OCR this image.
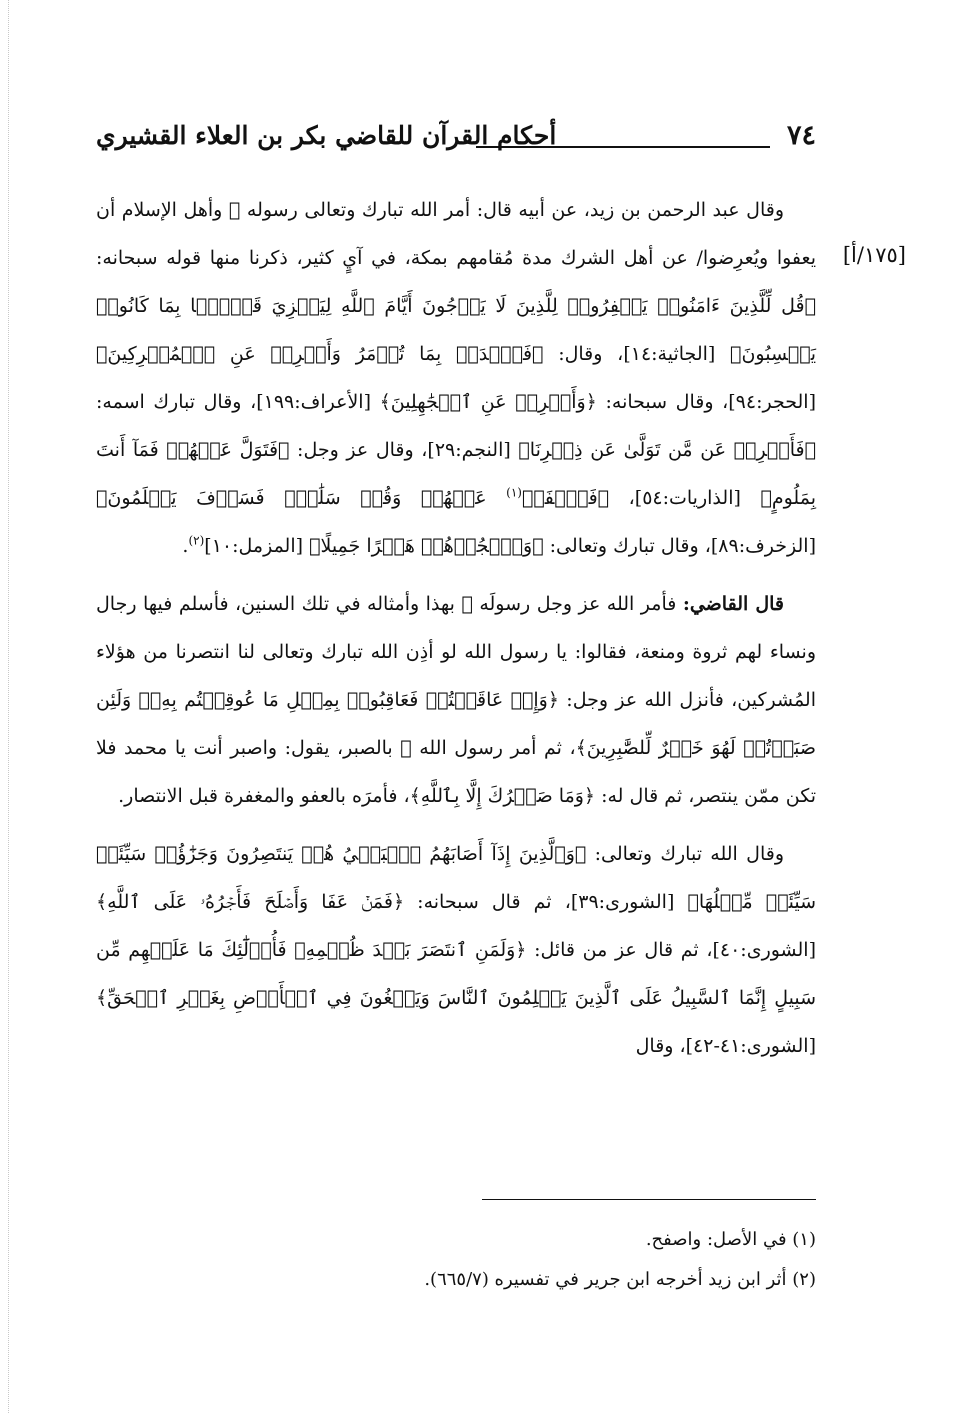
٧٤
أحكام القرآن للقاضي بكر بن العلاء القشيري
[١٧٥/أ]

وقال عبد الرحمن بن زيد، عن أبيه قال: أمر الله تبارك وتعالى رسوله ﷺ وأهل الإسلام أن يعفوا ويُعرِضوا/ عن أهل الشرك مدة مُقامهم بمكة، في آيٍ كثير، ذكرنا منها قوله سبحانه: ﴿قُل لِّلَّذِينَ ءَامَنُوا۟ يَغۡفِرُوا۟ لِلَّذِينَ لَا يَرۡجُونَ أَيَّامَ ٱللَّهِ لِيَجۡزِيَ قَوۡمَۢا بِمَا كَانُوا۟ يَكۡسِبُونَ﴾ [الجاثية:١٤]، وقال: ﴿فَٱصۡدَعۡ بِمَا تُؤۡمَرُ وَأَعۡرِضۡ عَنِ ٱلۡمُشۡرِكِينَ﴾ [الحجر:٩٤]، وقال سبحانه: ﴿وَأَعۡرِضۡ عَنِ ٱلۡجَٰهِلِينَ﴾ [الأعراف:١٩٩]، وقال تبارك اسمه: ﴿فَأَعۡرِضۡ عَن مَّن تَوَلَّىٰ عَن ذِكۡرِنَا﴾ [النجم:٢٩]، وقال عز وجل: ﴿فَتَوَلَّ عَنۡهُمۡ فَمَآ أَنتَ بِمَلُومٍ﴾ [الذاريات:٥٤]، ﴿فَٱصۡفَحۡ$^{(١)}$ عَنۡهُمۡ وَقُلۡ سَلَٰمٌۚ فَسَوۡفَ يَعۡلَمُونَ﴾ [الزخرف:٨٩]، وقال تبارك وتعالى: ﴿وَٱهۡجُرۡهُمۡ هَجۡرًا جَمِيلًا﴾ [المزمل:١٠]$^{(٢)}$.

قال القاضي: فأمر الله عز وجل رسولَه ﷺ بهذا وأمثاله في تلك السنين، فأسلم فيها رجال ونساء لهم ثروة ومنعة، فقالوا: يا رسول الله لو أذِن الله تبارك وتعالى لنا انتصرنا من هؤلاء المُشركين، فأنزل الله عز وجل: ﴿وَإِنۡ عَاقَبۡتُمۡ فَعَاقِبُوا۟ بِمِثۡلِ مَا عُوقِبۡتُم بِهِۦۖ وَلَئِن صَبَرۡتُمۡ لَهُوَ خَيۡرٌ لِّلصَّٰبِرِينَ﴾، ثم أمر رسول الله ﷺ بالصبر، يقول: واصبر أنت يا محمد فلا تكن ممّن ينتصر، ثم قال له: ﴿وَمَا صَبۡرُكَ إِلَّا بِٱللَّهِ﴾، فأمرَه بالعفو والمغفرة قبل الانتصار.

وقال الله تبارك وتعالى: ﴿وَٱلَّذِينَ إِذَآ أَصَابَهُمُ ٱلۡبَغۡيُ هُمۡ يَنتَصِرُونَ وَجَزَٰٓؤُا۟ سَيِّئَةٖ سَيِّئَةٞ مِّثۡلُهَا﴾ [الشورى:٣٩]، ثم قال سبحانه: ﴿فَمَنۡ عَفَا وَأَصۡلَحَ فَأَجۡرُهُۥ عَلَى ٱللَّهِ﴾ [الشورى:٤٠]، ثم قال عز من قائل: ﴿وَلَمَنِ ٱنتَصَرَ بَعۡدَ ظُلۡمِهِۦ فَأُو۟لَٰٓئِكَ مَا عَلَيۡهِم مِّن سَبِيلٍ إِنَّمَا ٱلسَّبِيلُ عَلَى ٱلَّذِينَ يَظۡلِمُونَ ٱلنَّاسَ وَيَبۡغُونَ فِي ٱلۡأَرۡضِ بِغَيۡرِ ٱلۡحَقِّ﴾ [الشورى:٤١-٤٢]، وقال

(١) في الأصل: واصفح.

(٢) أثر ابن زيد أخرجه ابن جرير في تفسيره (٦٦٥/٧).
